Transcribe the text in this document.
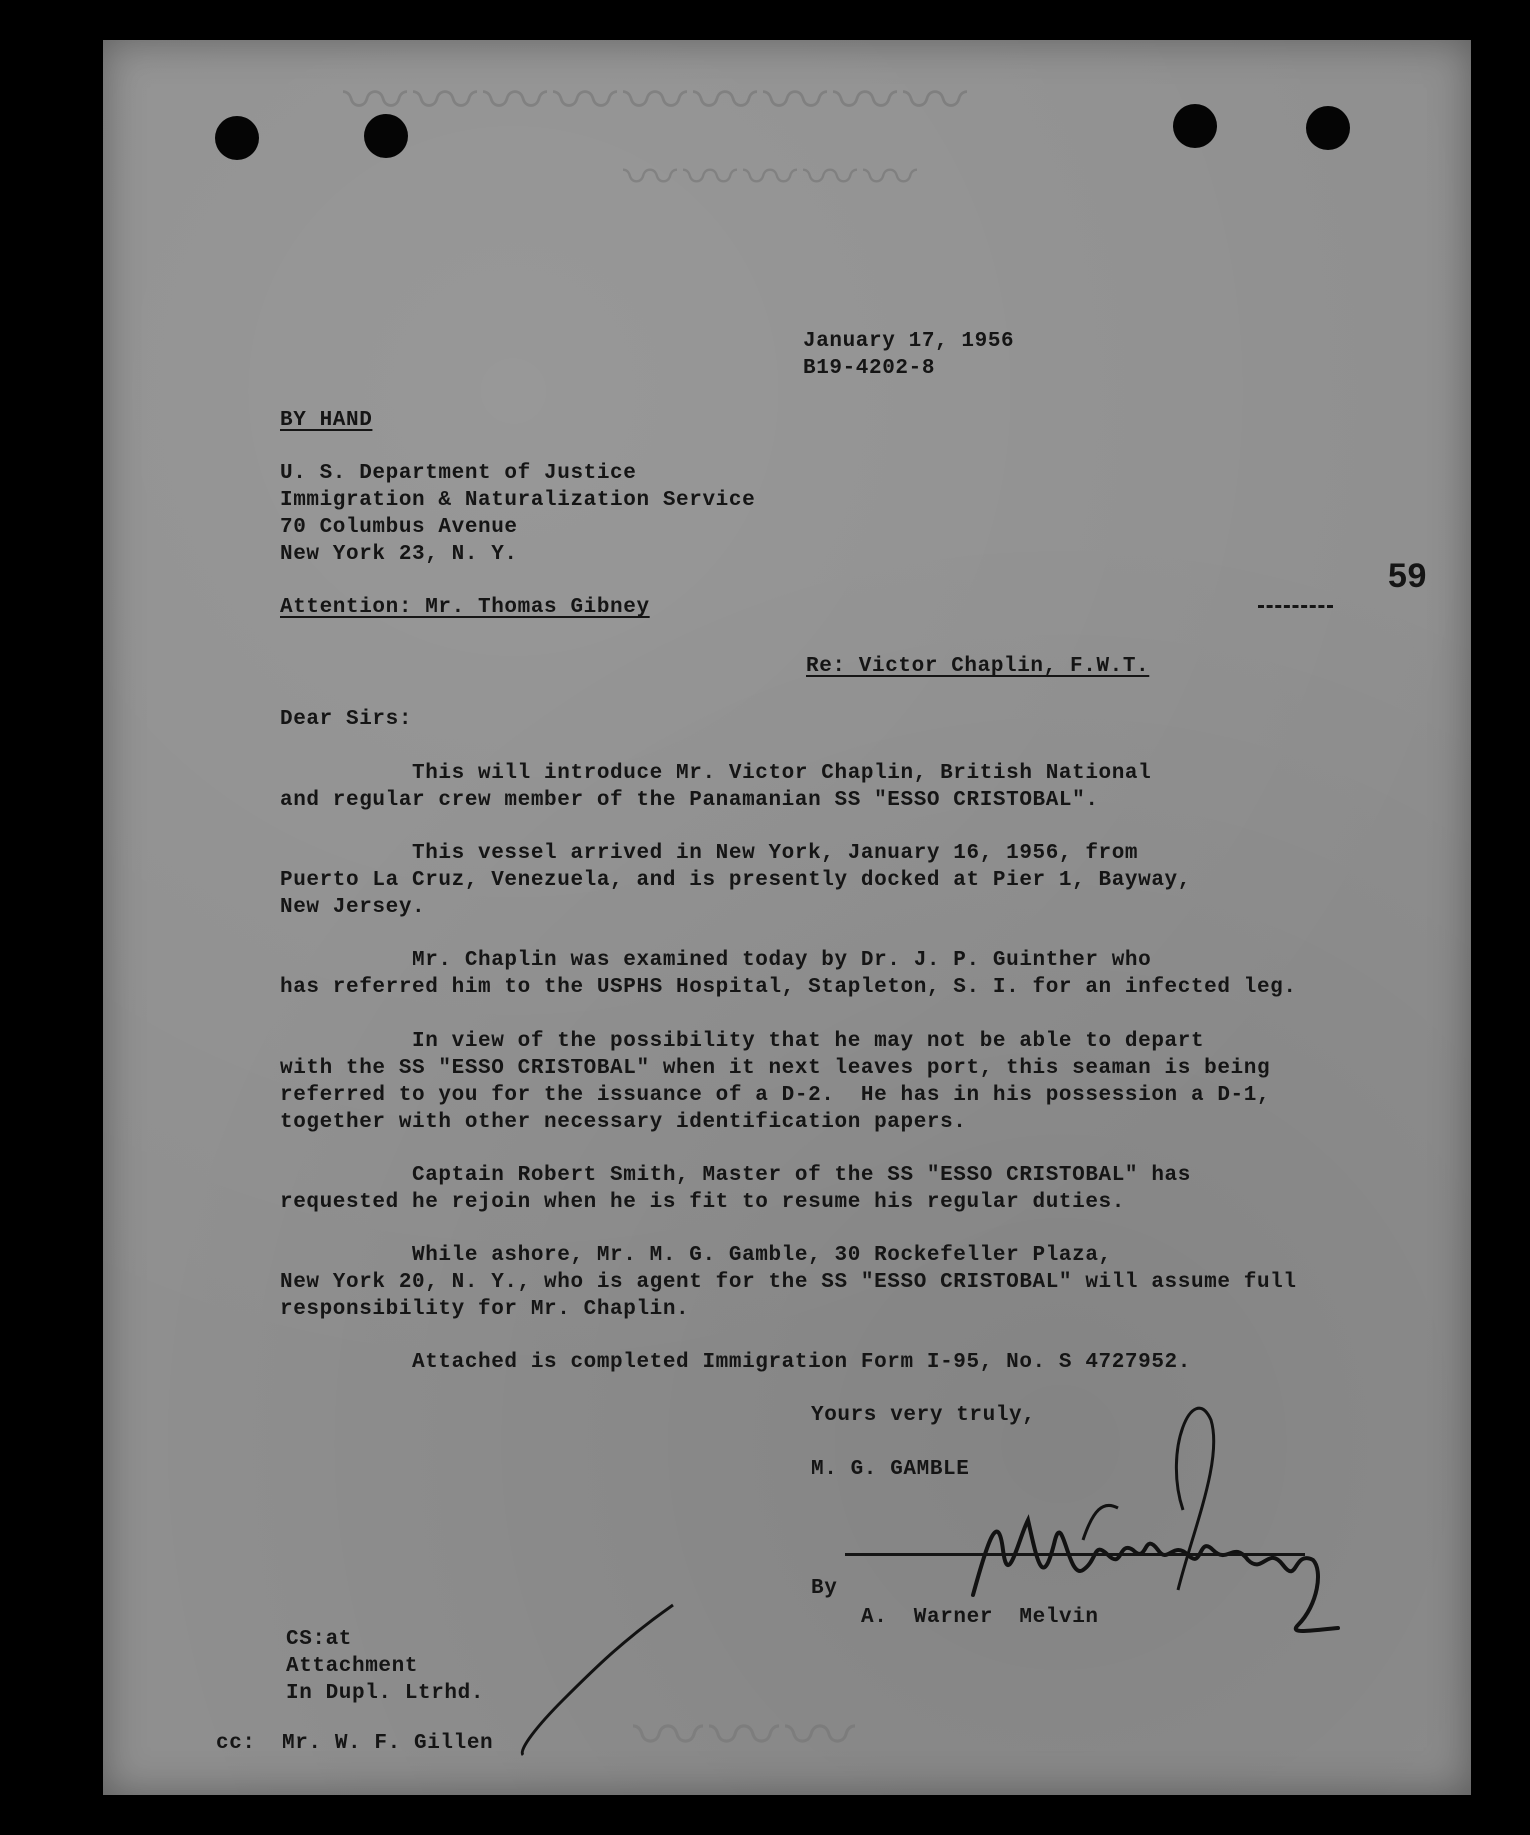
〰〰〰〰〰〰〰〰〰
〰〰〰〰〰
January 17, 1956
B19-4202-8
BY HAND
U. S. Department of Justice
Immigration & Naturalization Service
70 Columbus Avenue
New York 23, N. Y.
Attention: Mr. Thomas Gibney
59
Re: Victor Chaplin, F.W.T.
Dear Sirs:
This will introduce Mr. Victor Chaplin, British National
and regular crew member of the Panamanian SS "ESSO CRISTOBAL".
This vessel arrived in New York, January 16, 1956, from
Puerto La Cruz, Venezuela, and is presently docked at Pier 1, Bayway,
New Jersey.
Mr. Chaplin was examined today by Dr. J. P. Guinther who
has referred him to the USPHS Hospital, Stapleton, S. I. for an infected leg.
In view of the possibility that he may not be able to depart
with the SS "ESSO CRISTOBAL" when it next leaves port, this seaman is being
referred to you for the issuance of a D-2.  He has in his possession a D-1,
together with other necessary identification papers.
Captain Robert Smith, Master of the SS "ESSO CRISTOBAL" has
requested he rejoin when he is fit to resume his regular duties.
While ashore, Mr. M. G. Gamble, 30 Rockefeller Plaza,
New York 20, N. Y., who is agent for the SS "ESSO CRISTOBAL" will assume full
responsibility for Mr. Chaplin.
Attached is completed Immigration Form I-95, No. S 4727952.
Yours very truly,
M. G. GAMBLE
By
A.  Warner  Melvin
CS:at
Attachment
In Dupl. Ltrhd.
cc:  Mr. W. F. Gillen 〰〰〰
